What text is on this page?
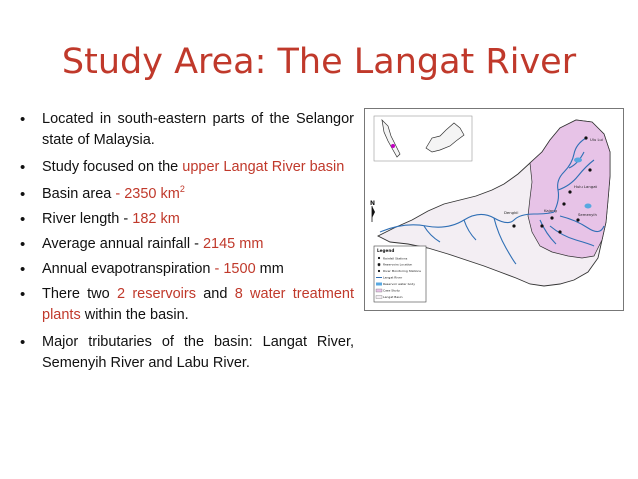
Study Area: The Langat River
• Located in south-eastern parts of the Selangor state of Malaysia.
• Study focused on the upper Langat River basin
• Basin area - 2350 $km^2$
• River length - 182 km
• Average annual rainfall - 2145 mm
• Annual evapotranspiration - 1500 mm
• There two 2 reservoirs and 8 water treatment plants within the basin.
• Major tributaries of the basin: Langat River, Semenyih River and Labu River.
Ulu Lui
Hulu Langat
Semenyih
Kajang
Dengkil
N
Legend
Rainfall Stations
Reservoirs Location
River Monitoring Stations
Langat River
Reservoir water body
Case Study
Langat Basin
